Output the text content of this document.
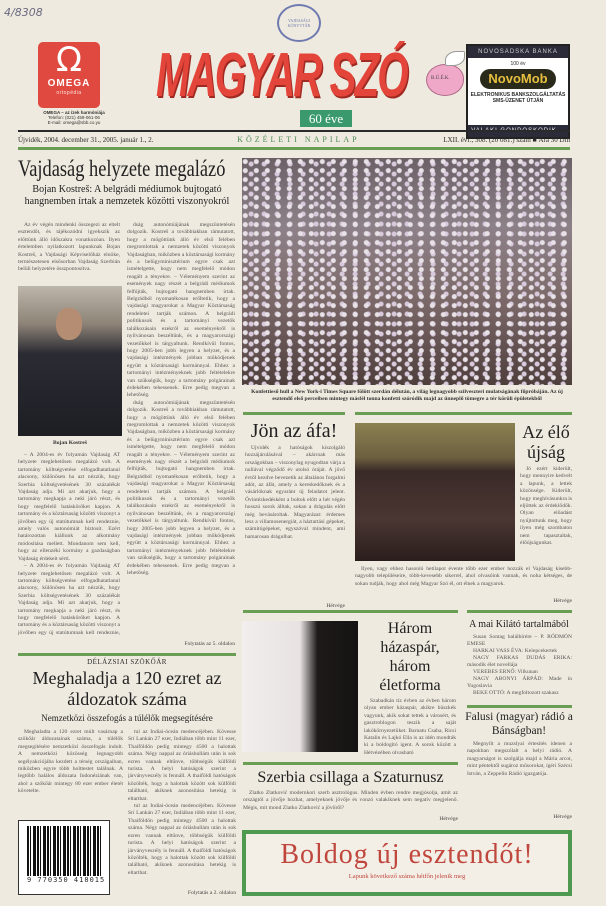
4/8308
Ω
OMEGA
ortopédia
OMEGA – az ízek harmóniája
Telefon: (021) 459-061-06
E-mail: omega@sbb.co.yu
VAJDASÁGI KÖNYVTÁR
MAGYAR SZÓ
60 éve
B.Ú.É.K.
NOVOSADSKA BANKA
100 év
NovoMob
ELEKTRONIKUS BANKSZOLGÁLTATÁS SMS-ÜZENET ÚTJÁN
Újvidék, 2004. december 31., 2005. január 1., 2.	KÖZÉLETI NAPILAP	LXII. évf., 308. (20 081.) szám ■ Ára 30 Din
Vajdaság helyzete megalázó
Bojan Kostreš: A belgrádi médiumok bujtogató hangnemben írtak a nemzetek közötti viszonyokról

Az év végén mindenki összegezi az eltelt esztendőt, és tájékozódni igyekszik az előttünk álló időszakra vonatkozóan. Ilyen értelemben nyilatkozott lapunknak Bojan Kostreš, a Vajdasági Képviselőház elnöke, természetesen elsősorban Vajdaság Szerbián belüli helyzetére összpontosítva.

dság autonómiájának megszüntetésén dolgozik. Kostreš a továbbiakban rámutatott, hogy a mögöttünk álló év első felében megromlottak a nemzetek közötti viszonyok Vajdaságban, miközben a köztársasági kormány és a belügyminisztérium egyre csak azt ismételgette, hogy nem megfelelő módon reagált a tényekre. – Véleményem szerint az események nagy részét a belgrádi médiumok felfújták, bujtogató hangnemben írtak. Belgrádból nyomatékosan erőltetik, hogy a vajdasági magyarokat a Magyar Köztársaság rendeletei tartják számon. A belgrádi politikusok és a tartományi vezetők találkozásain ezekről az eseményekről is nyilvánosan beszéltünk, és a magyarországi vezetőkkel is tárgyaltunk. Rendkívül fontos, hogy 2005-ben jobb legyen a helyzet, és a vajdasági intézmények jobban működjenek együtt a köztársasági kormánnyal. Ehhez a tartományi intézményeknek jobb feltételekre van szükségük, hogy a tartomány polgárainak érdekében tehessenek. Erre pedig megvan a lehetőség.

dság autonómiájának megszüntetésén dolgozik. Kostreš a továbbiakban rámutatott, hogy a mögöttünk álló év első felében megromlottak a nemzetek közötti viszonyok Vajdaságban, miközben a köztársasági kormány és a belügyminisztérium egyre csak azt ismételgette, hogy nem megfelelő módon reagált a tényekre. – Véleményem szerint az események nagy részét a belgrádi médiumok felfújták, bujtogató hangnemben írtak. Belgrádból nyomatékosan erőltetik, hogy a vajdasági magyarokat a Magyar Köztársaság rendeletei tartják számon. A belgrádi politikusok és a tartományi vezetők találkozásain ezekről az eseményekről is nyilvánosan beszéltünk, és a magyarországi vezetőkkel is tárgyaltunk. Rendkívül fontos, hogy 2005-ben jobb legyen a helyzet, és a vajdasági intézmények jobban működjenek együtt a köztársasági kormánnyal. Ehhez a tartományi intézményeknek jobb feltételekre van szükségük, hogy a tartomány polgárainak érdekében tehessenek. Erre pedig megvan a lehetőség.

Bojan Kostreš

– A 2004-es év folyamán Vajdaság AT helyzete meglehetősen megalázó volt. A tartomány költségvetése elfogadhatatlanul alacsony, különösen ha azt nézzük, hogy Szerbia költségvetésének 30 százalékát Vajdaság adja. Mi azt akarjuk, hogy a tartomány megkapja a neki járó részt, és hogy megfelelő hatásköröket kapjon. A tartomány és a köztársaság közötti viszonyt a jövőben egy új statútumnak kell rendeznie, amely valós autonómiát biztosít. Ezért határozottan kiállunk az alkotmány módosítása mellett. Mondanom sem kell, hogy az ellenzéki kormány a gazdaságban Vajdaság érdekeit sérti.

– A 2004-es év folyamán Vajdaság AT helyzete meglehetősen megalázó volt. A tartomány költségvetése elfogadhatatlanul alacsony, különösen ha azt nézzük, hogy Szerbia költségvetésének 30 százalékát Vajdaság adja. Mi azt akarjuk, hogy a tartomány megkapja a neki járó részt, és hogy megfelelő hatásköröket kapjon. A tartomány és a köztársaság közötti viszonyt a jövőben egy új statútumnak kell rendeznie,

Folytatás az 5. oldalon
DÉLÁZSIAI SZÖKŐÁR
Meghaladja a 120 ezret az áldozatok száma
Nemzetközi összefogás a túlélők megsegítésére

Meghaladta a 120 ezret múlt vasárnap a szökőár áldozatainak száma, a túlélők megsegítésére nemzetközi összefogás indult. A nemzetközi közösség legnagyobb segélyakciójába kezdett a térség országaiban, miközben egyre több holttestet találnak. A legtöbb halálos áldozata Indonéziának van, ahol a szökőár mintegy 80 ezer ember életét követelte.

tul az Indiai-óceán medencéjében. Kövesse Srí Lankán 27 ezer, Indiában több mint 11 ezer, Thaiföldön pedig mintegy 4500 a halottak száma. Négy nappal az óriáshullám után is sok ezren vannak eltűnve, többségük külföldi turista. A helyi hatóságok szerint a járványveszély is fennáll. A thaiföldi hatóságok közölték, hogy a halottak között sok külföldi található, akiknek azonosítása hetekig is eltarthat.

tul az Indiai-óceán medencéjében. Kövesse Srí Lankán 27 ezer, Indiában több mint 11 ezer, Thaiföldön pedig mintegy 4500 a halottak száma. Négy nappal az óriáshullám után is sok ezren vannak eltűnve, többségük külföldi turista. A helyi hatóságok szerint a járványveszély is fennáll. A thaiföldi hatóságok közölték, hogy a halottak között sok külföldi található, akiknek azonosítása hetekig is eltarthat.

9 770350 418015
Folytatás a 2. oldalon
Konfettieső hull a New York-i Times Square fölött szerdán délután, a világ legnagyobb szilveszteri mulatságának főpróbáján. Az új esztendő első perceiben mintegy másfél tonna konfetti szóródik majd az ünneplő tömegre a tér körüli épületekből
Jön az áfa!

Újvidék a hatóságok kiszolgáló hozzájárulásával – akárcsak más országokban – viszonylag nyugodtan várja a nullával végződő év utolsó óráját. A jövő évtől kezdve bevezetik az általános forgalmi adót, az áfát, amely a kereskedőknek és a vásárlóknak egyaránt új feladatot jelent. Óvintézkedésként a boltok előtt a hét végén hosszú sorok álltak, sokan a drágulás előtt még bevásároltak. Magyarázat: érdemes lesz a villamosenergiát, a háztartási gépeket, számítógépeket, egyszóval mindent, ami hamarosan drágulhat.

Hétvége
Az élő újság

Jó ezért kiderült, hogy mennyire kedvelt a lapunk, a lettek közönsége. Kiderült, hogy meghívásunkra is eljöttek az érdeklődők. Olyan előadást nyújtottunk meg, hogy ilyen még szombaton nem tapasztaltak, élőújságunkat.

Ilyen, vagy ehhez hasonló hetilapot évente több ezer ember hozzák el Vajdaság kisebb-nagyobb településeire, több-kevesebb sikerrel, ahol olvasóink vannak, és noha kétséges, de sokan tudják, hogy ahol még Magyar Szó él, ott élnek a magyarok.

Hétvége
Három házaspár, három életforma

Szabadkán tíz évben az évben három olyan ember házaspár, akikre büszkék vagyunk, akik sokat tettek a városért, és gasztroblogon teszik a saját lakókörnyezetüket. Barnatu Csaba, Ricsi Katalin és Lajkó Ella is az idén mondták ki a boldogító igent. A sorok között a Hétvégében olvasható

A mai Kilátó tartalmából

Susan Sontag halálhírére – P. RÓDMÓN EMESE

HARKAI VASS ÉVA: Kelepcekertek

NAGY FARKAS DUDÁS ERIKA: második élet novellája

VEREBES ERNŐ: Vilkunan

NAGY ABONYI ÁRPÁD: Made in Yugoslavia

BEKE OTTÓ: A megfoltozott szakasz

Falusi (magyar) rádió a Bánságban!

Megnyílt a muzslyai értesítés idenen a napokban megszólalt a helyi rádió. A magyarságot is szolgálja majd a Mária arcot, mint péntektől sugároz műsorokat, ígéri Szécsi István, a Zeppelin Rádió igazgatója.

Hétvége
Szerbia csillaga a Szaturnusz

Zlatko Zlatković modernkori szerb asztrológus. Minden évben rendre megjósolja, amit az országtól a jövője hozhat, amelyeknek jövője és vonzó valakiknek sem negatív megjelenő. Mégis, mit mond Zlatko Zlatković a jövőről?

Hétvége
Boldog új esztendőt!
Lapunk következő száma hétfőn jelenik meg
